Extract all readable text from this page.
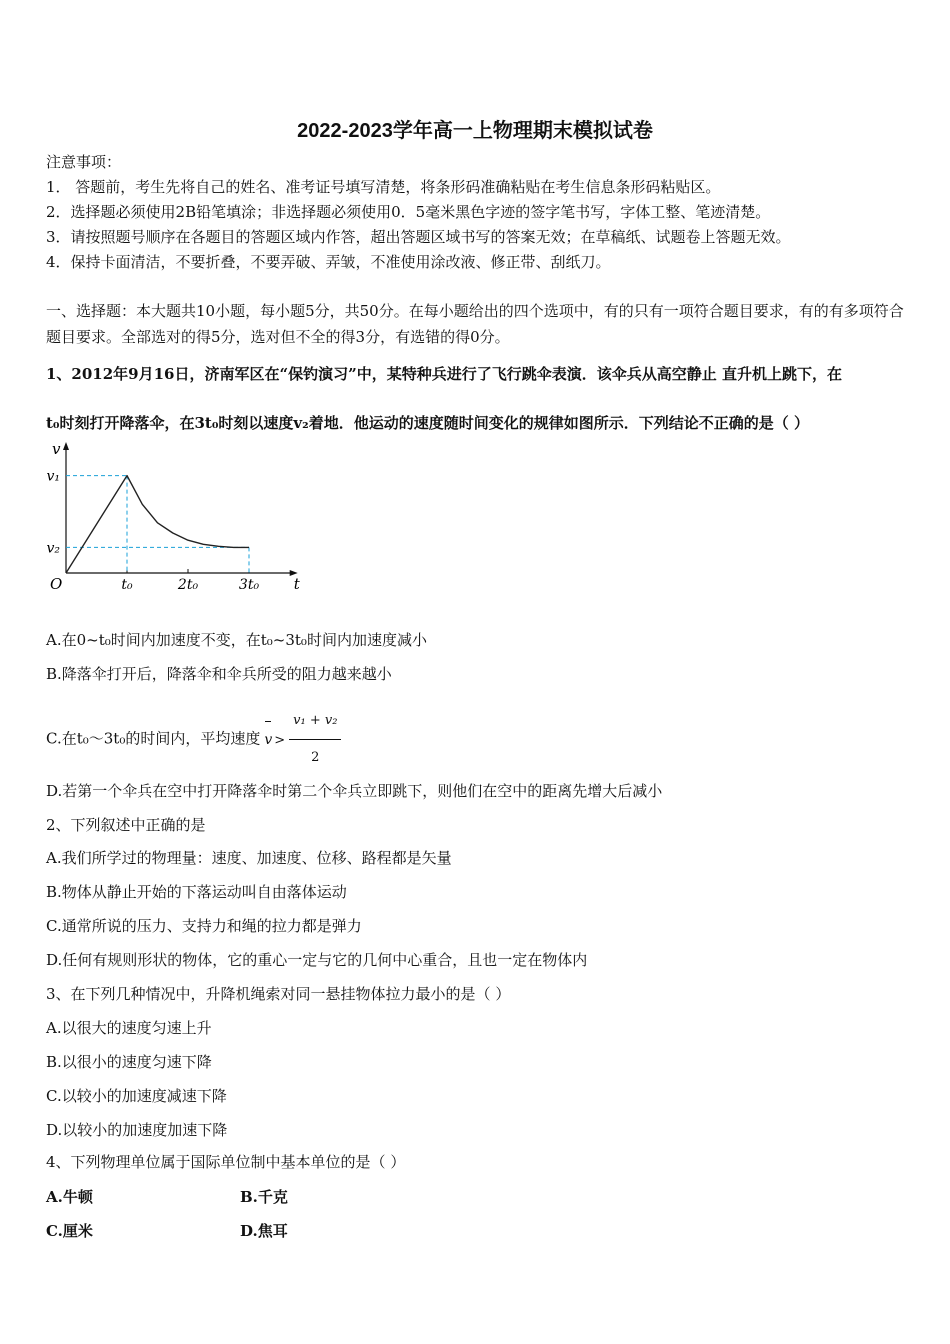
2022-2023学年高一上物理期末模拟试卷
注意事项：
1． 答题前，考生先将自己的姓名、准考证号填写清楚，将条形码准确粘贴在考生信息条形码粘贴区。
2．选择题必须使用2B铅笔填涂；非选择题必须使用0．5毫米黑色字迹的签字笔书写，字体工整、笔迹清楚。
3．请按照题号顺序在各题目的答题区域内作答，超出答题区域书写的答案无效；在草稿纸、试题卷上答题无效。
4．保持卡面清洁，不要折叠，不要弄破、弄皱，不准使用涂改液、修正带、刮纸刀。
一、选择题：本大题共10小题，每小题5分，共50分。在每小题给出的四个选项中，有的只有一项符合题目要求，有的有多项符合题目要求。全部选对的得5分，选对但不全的得3分，有选错的得0分。
1、2012年9月16日，济南军区在“保钓演习”中，某特种兵进行了飞行跳伞表演．该伞兵从高空静止 直升机上跳下，在
t₀时刻打开降落伞，在3t₀时刻以速度v₂着地．他运动的速度随时间变化的规律如图所示．下列结论不正确的是（ ）
t
v
O	t₀	2t₀	3t₀
v₁
v₂
A.在0~t₀时间内加速度不变，在t₀~3t₀时间内加速度减小
B.降落伞打开后，降落伞和伞兵所受的阻力越来越小
C.在t₀～3t₀的时间内，平均速度 $v > \frac{\text{v₁ + v₂}}{2}$
D.若第一个伞兵在空中打开降落伞时第二个伞兵立即跳下，则他们在空中的距离先增大后减小
2、下列叙述中正确的是
A.我们所学过的物理量：速度、加速度、位移、路程都是矢量
B.物体从静止开始的下落运动叫自由落体运动
C.通常所说的压力、支持力和绳的拉力都是弹力
D.任何有规则形状的物体，它的重心一定与它的几何中心重合，且也一定在物体内
3、在下列几种情况中，升降机绳索对同一悬挂物体拉力最小的是（ ）
A.以很大的速度匀速上升
B.以很小的速度匀速下降
C.以较小的加速度减速下降
D.以较小的加速度加速下降
4、下列物理单位属于国际单位制中基本单位的是（ ）
A.牛顿	B.千克
C.厘米	D.焦耳
